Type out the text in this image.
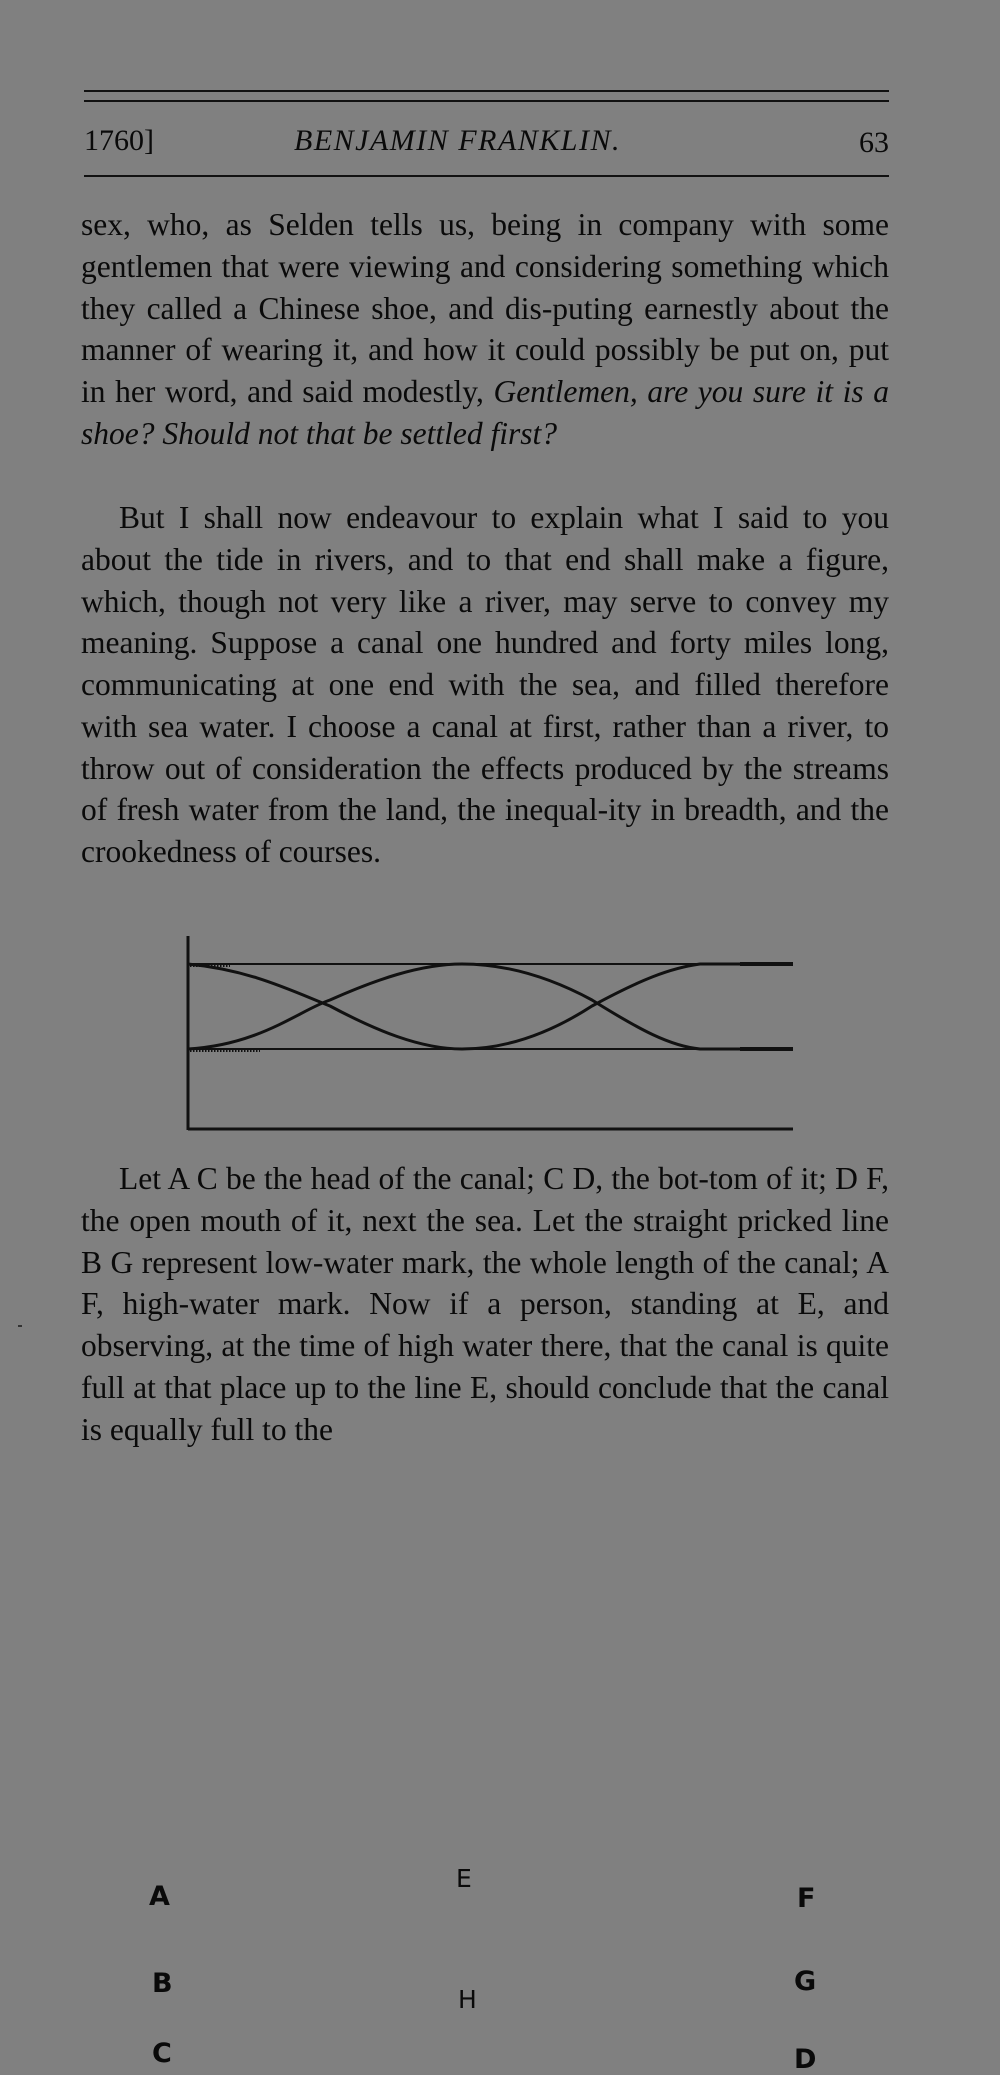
1760]	BENJAMIN FRANKLIN.	63

sex, who, as Selden tells us, being in company with some gentlemen that were viewing and considering something which they called a Chinese shoe, and dis-puting earnestly about the manner of wearing it, and how it could possibly be put on, put in her word, and said modestly, Gentlemen, are you sure it is a shoe? Should not that be settled first?

But I shall now endeavour to explain what I said to you about the tide in rivers, and to that end shall make a figure, which, though not very like a river, may serve to convey my meaning. Suppose a canal one hundred and forty miles long, communicating at one end with the sea, and filled therefore with sea water. I choose a canal at first, rather than a river, to throw out of consideration the effects produced by the streams of fresh water from the land, the inequal-ity in breadth, and the crookedness of courses.

A
B
C	D
E
F
G
H

Let A C be the head of the canal; C D, the bot-tom of it; D F, the open mouth of it, next the sea. Let the straight pricked line B G represent low-water mark, the whole length of the canal; A F, high-water mark. Now if a person, standing at E, and observing, at the time of high water there, that the canal is quite full at that place up to the line E, should conclude that the canal is equally full to the
